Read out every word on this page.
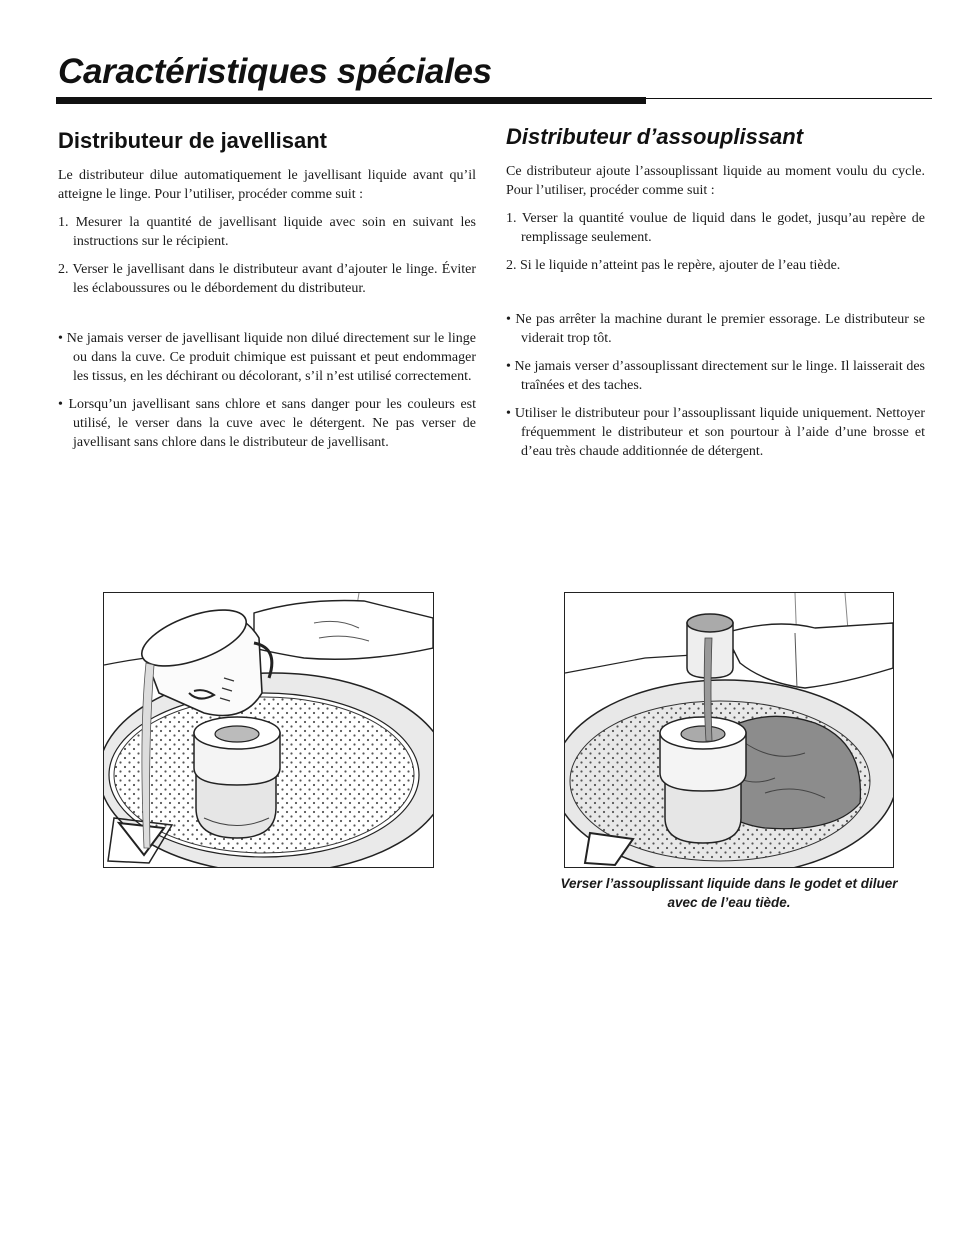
Caractéristiques spéciales
Distributeur de javellisant

Le distributeur dilue automatiquement le javellisant liquide avant qu’il atteigne le linge. Pour l’utiliser, procéder comme suit :

1. Mesurer la quantité de javellisant liquide avec soin en suivant les instructions sur le récipient.
2. Verser le javellisant dans le distributeur avant d’ajouter le linge. Éviter les éclaboussures ou le débordement du distributeur.
• Ne jamais verser de javellisant liquide non dilué directement sur le linge ou dans la cuve. Ce produit chimique est puissant et peut endommager les tissus, en les déchirant ou décolorant, s’il n’est utilisé correctement.
• Lorsqu’un javellisant sans chlore et sans danger pour les couleurs est utilisé, le verser dans la cuve avec le détergent. Ne pas verser de javellisant sans chlore dans le distributeur de javellisant.
Distributeur d’assouplissant

Ce distributeur ajoute l’assouplissant liquide au moment voulu du cycle. Pour l’utiliser, procéder comme suit :

1. Verser la quantité voulue de liquid dans le godet, jusqu’au repère de remplissage seulement.
2. Si le liquide n’atteint pas le repère, ajouter de l’eau tiède.
• Ne pas arrêter la machine durant le premier essorage. Le distributeur se viderait trop tôt.
• Ne jamais verser d’assouplissant directement sur le linge. Il laisserait des traînées et des taches.
• Utiliser le distributeur pour l’assouplissant liquide uniquement. Nettoyer fréquemment le distributeur et son pourtour à l’aide d’une brosse et d’eau très chaude additionnée de détergent.

Verser l’assouplissant liquide dans le godet et diluer avec de l’eau tiède.
